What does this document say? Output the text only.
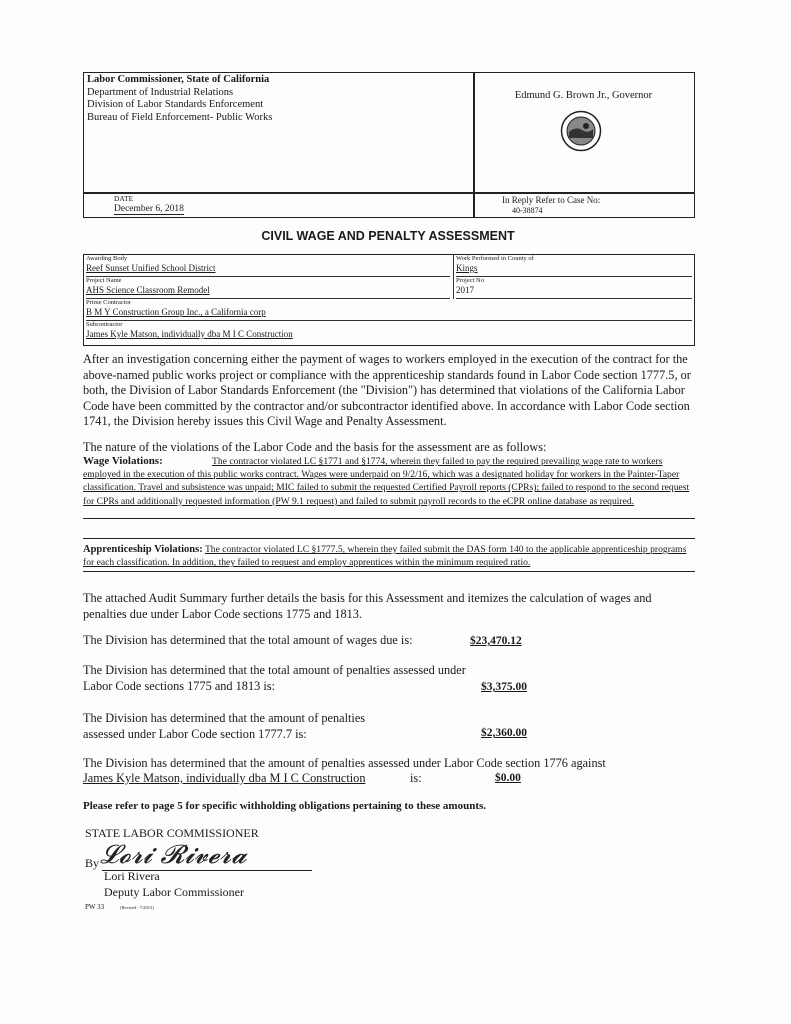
Labor Commissioner, State of California
Department of Industrial Relations
Division of Labor Standards Enforcement
Bureau of Field Enforcement- Public Works
Edmund G. Brown Jr., Governor
DATE
December 6, 2018
In Reply Refer to Case No:
40-38874
CIVIL WAGE AND PENALTY ASSESSMENT
Awarding Body
Reef Sunset Unified School District
Work Performed in County of
Kings
Project Name
AHS Science Classroom Remodel
Project No
2017
Prime Contractor
B M Y Construction Group Inc., a California corp
Subcontractor
James Kyle Matson, individually dba M I C Construction
After an investigation concerning either the payment of wages to workers employed in the execution of the contract for the above-named public works project or compliance with the apprenticeship standards found in Labor Code section 1777.5, or both, the Division of Labor Standards Enforcement (the "Division") has determined that violations of the California Labor Code have been committed by the contractor and/or subcontractor identified above. In accordance with Labor Code section 1741, the Division hereby issues this Civil Wage and Penalty Assessment.
The nature of the violations of the Labor Code and the basis for the assessment are as follows:
Wage Violations:	The contractor violated LC §1771 and §1774, wherein they failed to pay the required prevailing wage rate to workers employed in the execution of this public works contract. Wages were underpaid on 9/2/16, which was a designated holiday for workers in the Painter-Taper classification. Travel and subsistence was unpaid; MIC failed to submit the requested Certified Payroll reports (CPRs); failed to respond to the second request for CPRs and additionally requested information (PW 9.1 request) and failed to submit payroll records to the eCPR online database as required.
Apprenticeship Violations: The contractor violated LC §1777.5, wherein they failed submit the DAS form 140 to the applicable apprenticeship programs for each classification. In addition, they failed to request and employ apprentices within the minimum required ratio.
The attached Audit Summary further details the basis for this Assessment and itemizes the calculation of wages and penalties due under Labor Code sections 1775 and 1813.
The Division has determined that the total amount of wages due is:	$23,470.12
The Division has determined that the total amount of penalties assessed under Labor Code sections 1775 and 1813 is:	$3,375.00
The Division has determined that the amount of penalties assessed under Labor Code section 1777.7 is:	$2,360.00
The Division has determined that the amount of penalties assessed under Labor Code section 1776 against
James Kyle Matson, individually dba M I C Construction	is:	$0.00
Please refer to page 5 for specific withholding obligations pertaining to these amounts.
STATE LABOR COMMISSIONER
By 𝓛𝓸𝓻𝓲 𝓡𝓲𝓿𝓮𝓻𝓪
Lori Rivera
Deputy Labor Commissioner
PW 33	(Revised - 7/2013)
